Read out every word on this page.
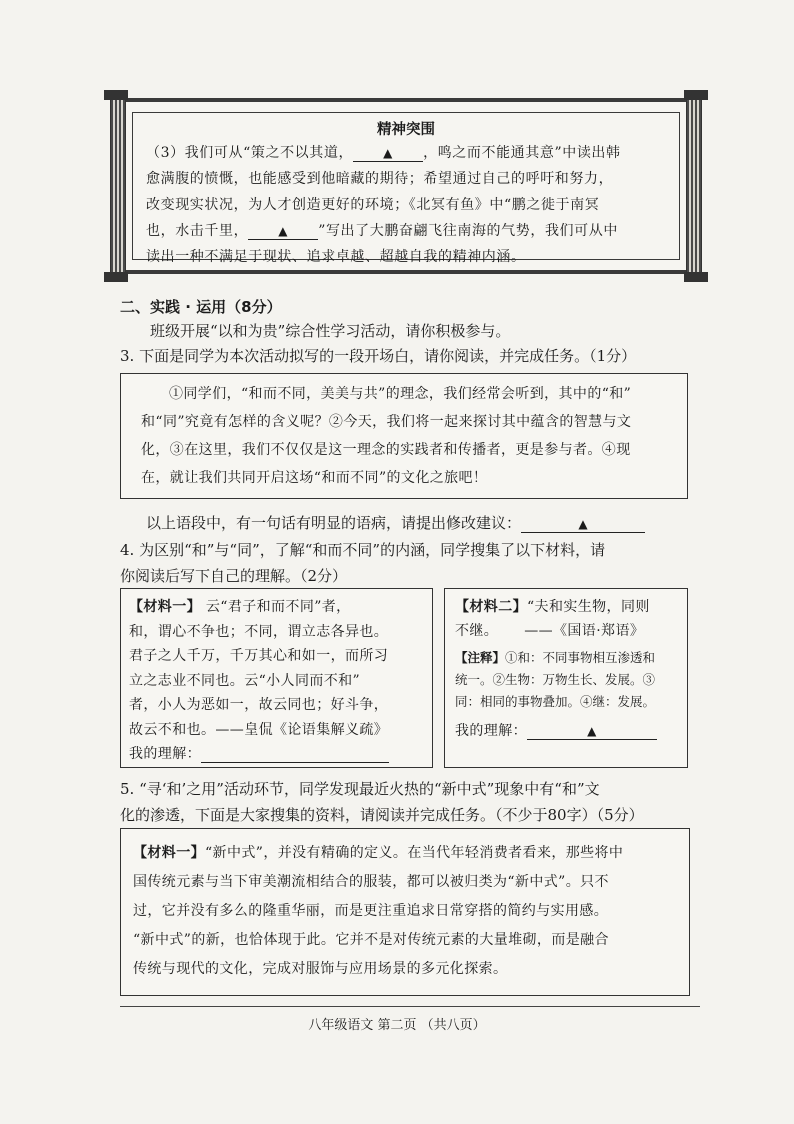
精神突围
（3）我们可从“策之不以其道，	▲ ，鸣之而不能通其意”中读出韩
愈满腹的愤慨，也能感受到他暗藏的期待；希望通过自己的呼吁和努力，
改变现实状况，为人才创造更好的环境；《北冥有鱼》中“鹏之徙于南冥
也，水击千里，	▲ ”写出了大鹏奋翩飞往南海的气势，我们可从中
读出一种不满足于现状、追求卓越、超越自我的精神内涵。
二、实践 · 运用（8分）
班级开展“以和为贵”综合性学习活动，请你积极参与。
3. 下面是同学为本次活动拟写的一段开场白，请你阅读，并完成任务。（1分）
①同学们，“和而不同，美美与共”的理念，我们经常会听到，其中的“和”
和“同”究竟有怎样的含义呢？②今天，我们将一起来探讨其中蕴含的智慧与文
化，③在这里，我们不仅仅是这一理念的实践者和传播者，更是参与者。④现
在，就让我们共同开启这场“和而不同”的文化之旅吧！
以上语段中，有一句话有明显的语病，请提出修改建议：	▲
4. 为区别“和”与“同”，了解“和而不同”的内涵，同学搜集了以下材料，请
你阅读后写下自己的理解。（2分）
【材料一】 云“君子和而不同”者，
和，谓心不争也；不同，谓立志各异也。
君子之人千万，千万其心和如一，而所习
立之志业不同也。云“小人同而不和”
者，小人为恶如一，故云同也；好斗争，
故云不和也。——皇侃《论语集解义疏》
我的理解：
【材料二】“夫和实生物，同则
不继。 ——《国语·郑语》
【注释】①和：不同事物相互渗透和
统一。②生物：万物生长、发展。③
同：相同的事物叠加。④继：发展。
我的理解：	▲
5. “寻‘和’之用”活动环节，同学发现最近火热的“新中式”现象中有“和”文
化的渗透，下面是大家搜集的资料，请阅读并完成任务。（不少于80字）（5分）
【材料一】“新中式”，并没有精确的定义。在当代年轻消费者看来，那些将中
国传统元素与当下审美潮流相结合的服装，都可以被归类为“新中式”。只不
过，它并没有多么的隆重华丽，而是更注重追求日常穿搭的简约与实用感。
“新中式”的新，也恰体现于此。它并不是对传统元素的大量堆砌，而是融合
传统与现代的文化，完成对服饰与应用场景的多元化探索。
八年级语文 第二页 （共八页）
